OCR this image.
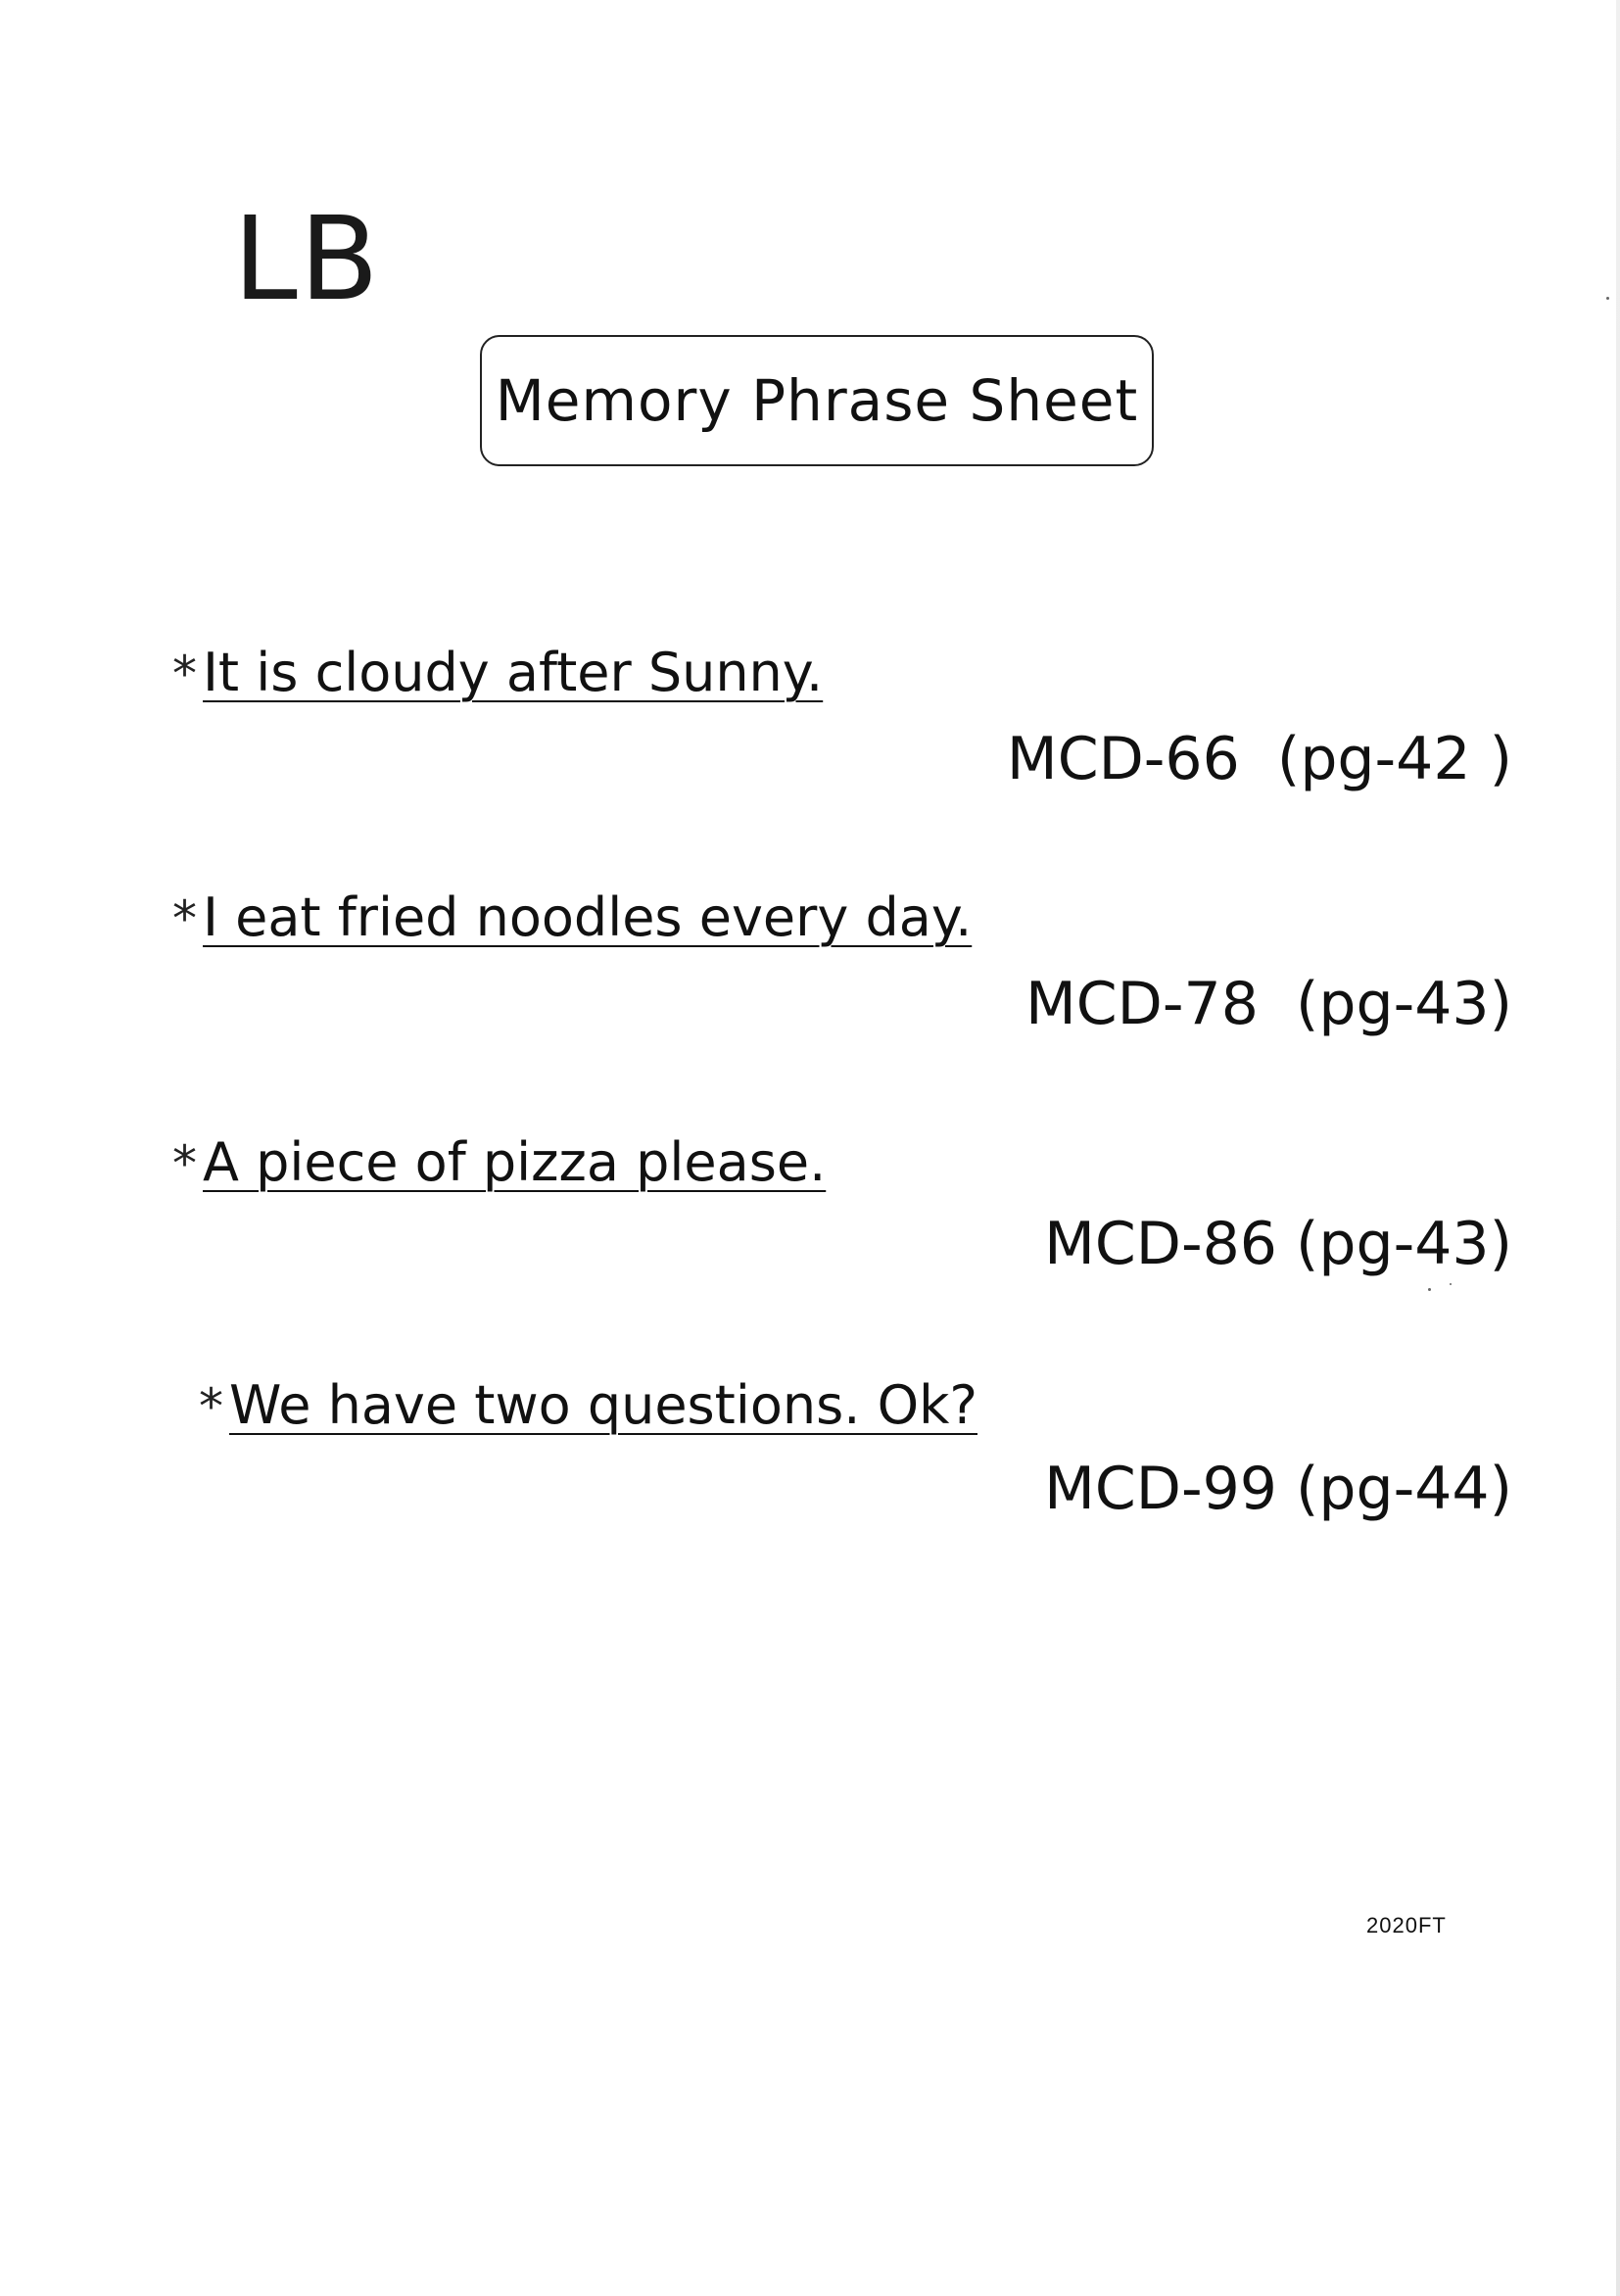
LB
Memory Phrase Sheet
* It is cloudy after Sunny.
MCD-66  (pg-42 )
* I eat fried noodles every day.
MCD-78  (pg-43)
* A piece of pizza please.
MCD-86 (pg-43)
* We have two questions. Ok?
MCD-99 (pg-44)
2020FT
